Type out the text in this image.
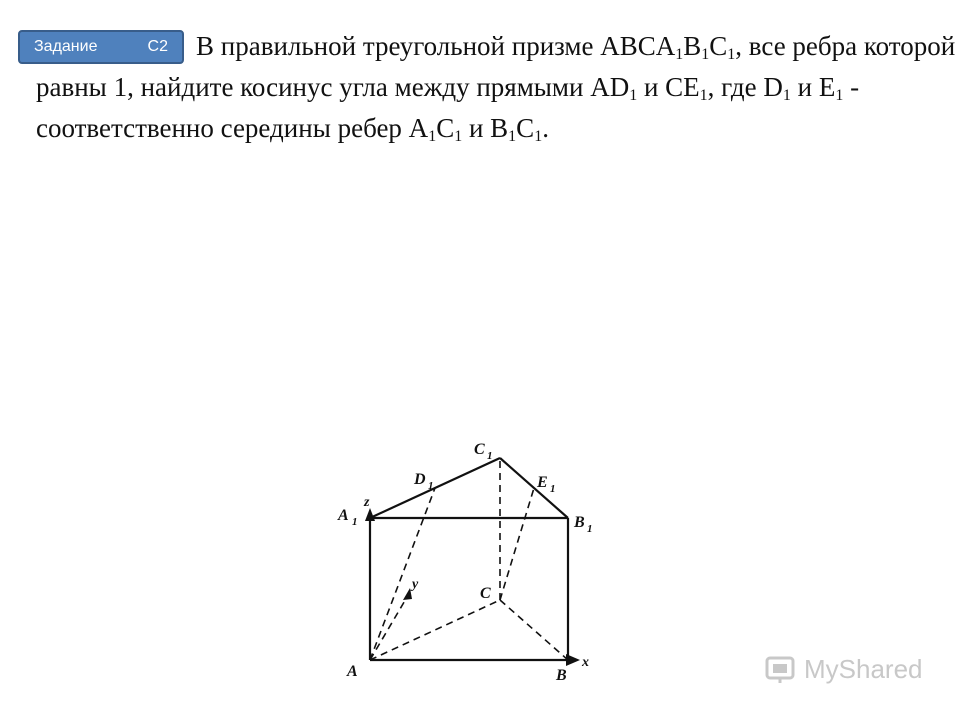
Задание	С2	В правильной треугольной призме $ABCA_1B_1C_1$, все ребра которой равны 1, найдите косинус угла между прямыми $AD_1$ и $CE_1$, где $D_1$ и $E_1$ - соответственно середины ребер $A_1C_1$ и $B_1C_1$.

A	B
C
A 1	B 1
C 1
D 1	E 1
x
y
z
MyShared
